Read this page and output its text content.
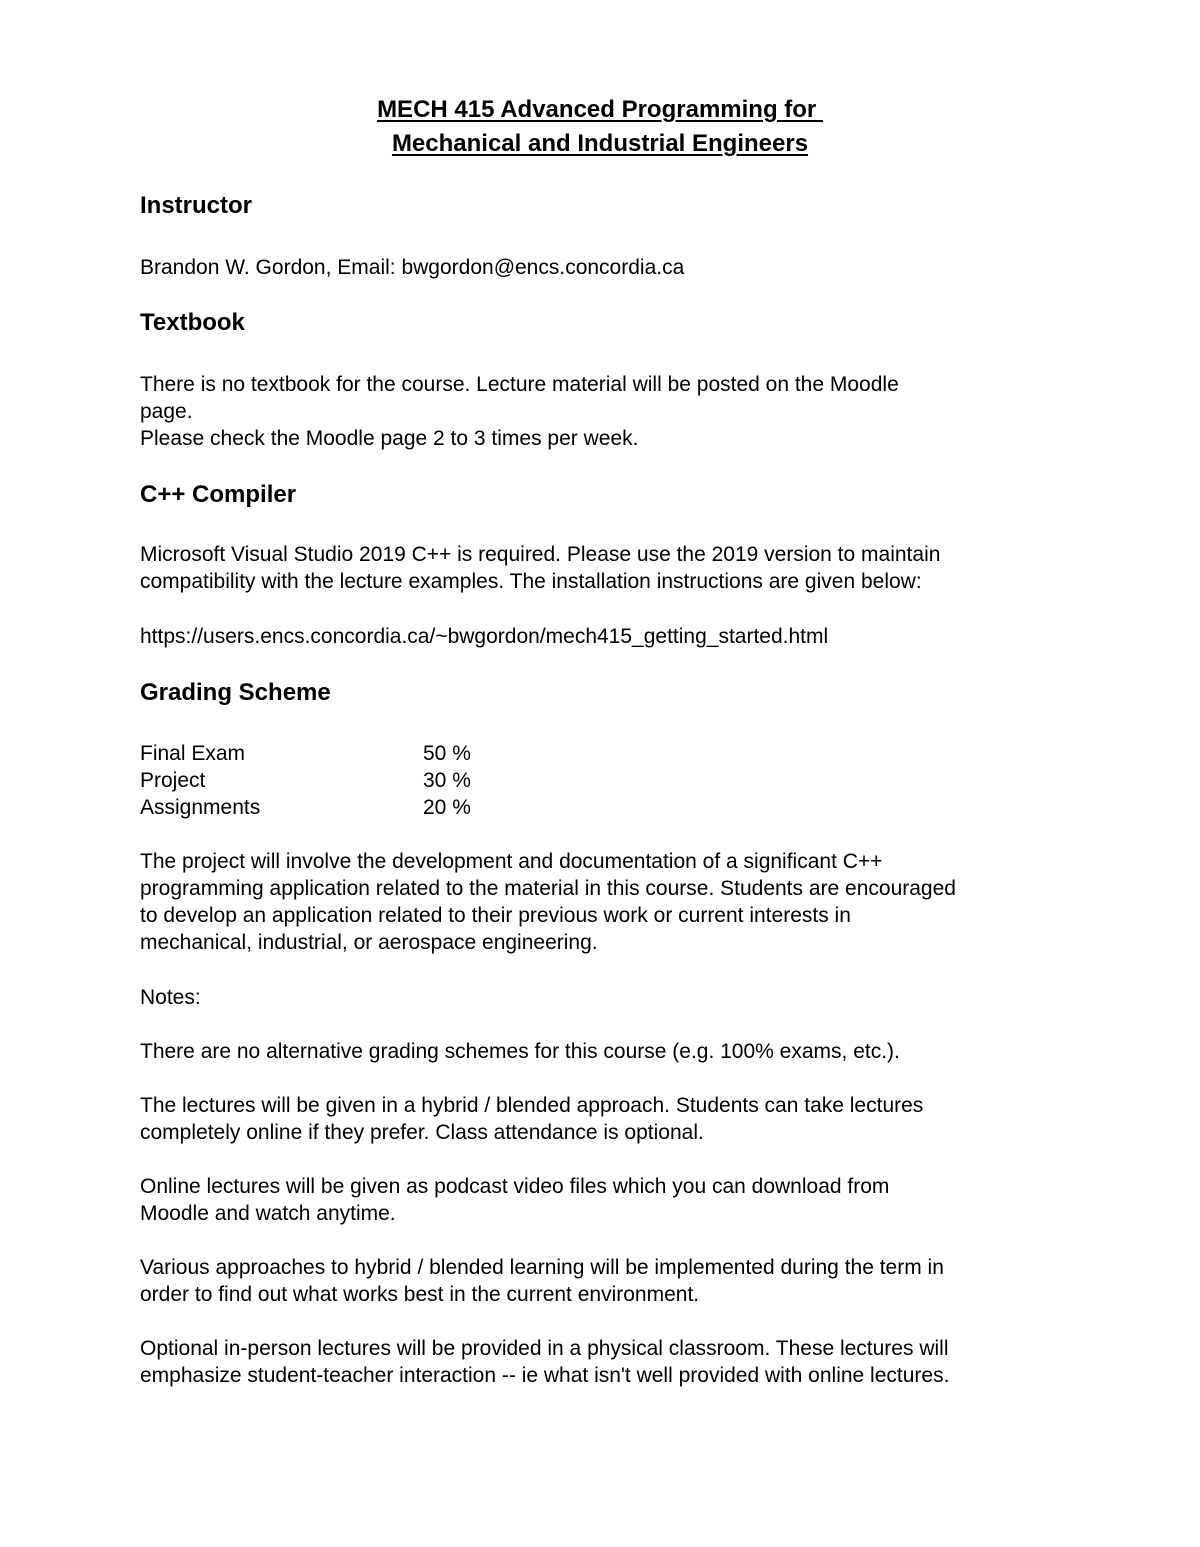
MECH 415 Advanced Programming for
Mechanical and Industrial Engineers
Instructor
Brandon W. Gordon, Email: bwgordon@encs.concordia.ca
Textbook
There is no textbook for the course. Lecture material will be posted on the Moodle
page.
Please check the Moodle page 2 to 3 times per week.
C++ Compiler
Microsoft Visual Studio 2019 C++ is required. Please use the 2019 version to maintain
compatibility with the lecture examples. The installation instructions are given below:
https://users.encs.concordia.ca/~bwgordon/mech415_getting_started.html
Grading Scheme
Final Exam	50 %
Project	30 %
Assignments	20 %
The project will involve the development and documentation of a significant C++
programming application related to the material in this course. Students are encouraged
to develop an application related to their previous work or current interests in
mechanical, industrial, or aerospace engineering.
Notes:
There are no alternative grading schemes for this course (e.g. 100% exams, etc.).
The lectures will be given in a hybrid / blended approach. Students can take lectures
completely online if they prefer. Class attendance is optional.
Online lectures will be given as podcast video files which you can download from
Moodle and watch anytime.
Various approaches to hybrid / blended learning will be implemented during the term in
order to find out what works best in the current environment.
Optional in-person lectures will be provided in a physical classroom. These lectures will
emphasize student-teacher interaction -- ie what isn't well provided with online lectures.
